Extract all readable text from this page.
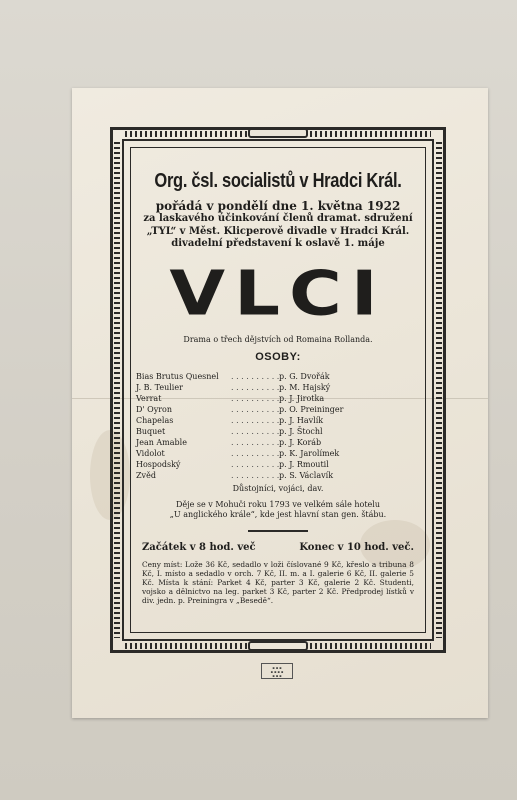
Org. čsl. socialistů v Hradci Král.
pořádá v pondělí dne 1. května 1922
za laskavého účinkování členů dramat. sdružení
„TYL“ v Měst. Klicperově divadle v Hradci Král.
divadelní představení k oslavě 1. máje
VLCI
Drama o třech dějstvích od Romaina Rollanda.
OSOBY:
Bias Brutus Quesnel	. . . . . . . . . . p. G. Dvořák
J. B. Teulier	. . . . . . . . . . p. M. Hajský
Verrat	. . . . . . . . . . p. J. Jirotka
D' Oyron	. . . . . . . . . . p. O. Preininger
Chapelas	. . . . . . . . . . p. J. Havlík
Buquet	. . . . . . . . . . p. J. Štochl
Jean Amable	. . . . . . . . . . p. J. Koráb
Vidolot	. . . . . . . . . . p. K. Jarolímek
Hospodský	. . . . . . . . . . p. J. Rmoutil
Zvěd	. . . . . . . . . . p. S. Václavík
Důstojníci, vojáci, dav.
Děje se v Mohuči roku 1793 ve velkém sále hotelu
„U anglického krále“, kde jest hlavní stan gen. štábu.
Začátek v 8 hod. več	Konec v 10 hod. več.
Ceny míst: Lože 36 Kč, sedadlo v loži číslované 9 Kč, křeslo a tribuna 8 Kč, I. místo a sedadlo v orch. 7 Kč, II. m. a I. galerie 6 Kč, II. galerie 5 Kč. Místa k stání: Parket 4 Kč, parter 3 Kč, galerie 2 Kč. Studenti, vojsko a dělnictvo na leg. parket 3 Kč, parter 2 Kč. Předprodej lístků v div. jedn. p. Preiningra v „Besedě“.
▪ ▪ ▪
▪ ▪ ▪ ▪
▪ ▪ ▪
